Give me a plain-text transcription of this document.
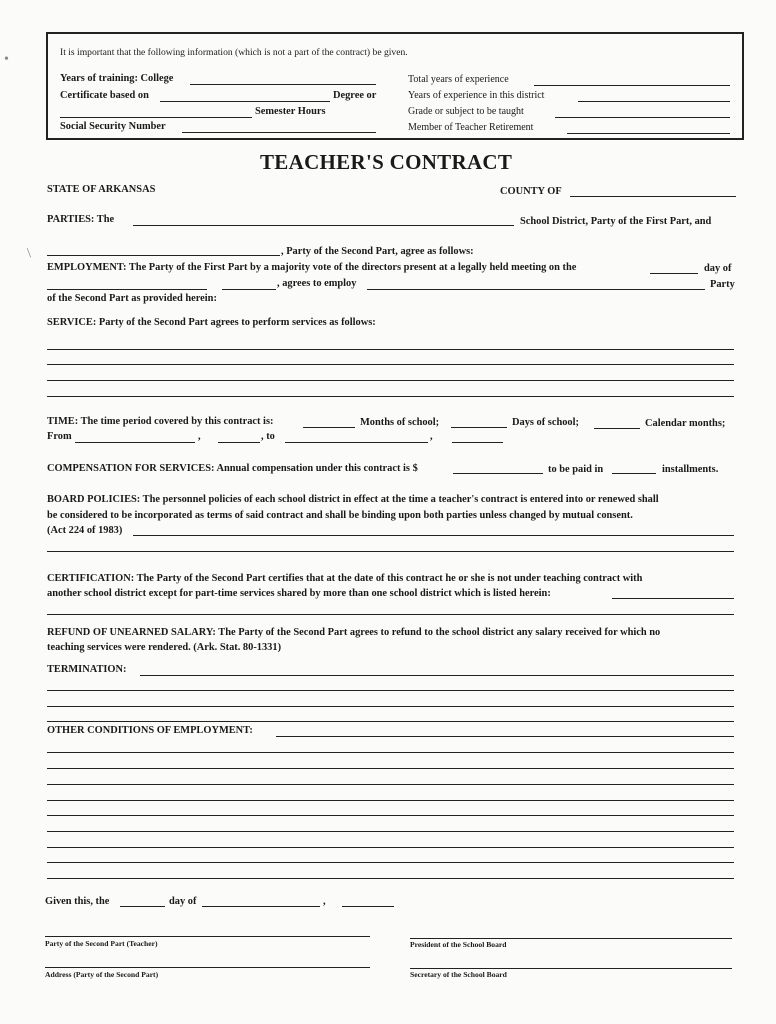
It is important that the following information (which is not a part of the contract) be given.
Years of training: College
Certificate based on	Degree or
Semester Hours
Social Security Number
Total years of experience
Years of experience in this district
Grade or subject to be taught
Member of Teacher Retirement
TEACHER'S CONTRACT
STATE OF ARKANSAS	COUNTY OF
PARTIES: The	School District, Party of the First Part, and
, Party of the Second Part, agree as follows:
EMPLOYMENT: The Party of the First Part by a majority vote of the directors present at a legally held meeting on the	day of
, agrees to employ	Party
of the Second Part as provided herein:
SERVICE: Party of the Second Part agrees to perform services as follows:
TIME: The time period covered by this contract is:	Months of school;	Days of school;	Calendar months;
From	,	, to	,
COMPENSATION FOR SERVICES: Annual compensation under this contract is $	to be paid in	installments.
BOARD POLICIES: The personnel policies of each school district in effect at the time a teacher's contract is entered into or renewed shall
be considered to be incorporated as terms of said contract and shall be binding upon both parties unless changed by mutual consent.
(Act 224 of 1983)
CERTIFICATION: The Party of the Second Part certifies that at the date of this contract he or she is not under teaching contract with
another school district except for part-time services shared by more than one school district which is listed herein:
REFUND OF UNEARNED SALARY: The Party of the Second Part agrees to refund to the school district any salary received for which no
teaching services were rendered. (Ark. Stat. 80-1331)
TERMINATION:
OTHER CONDITIONS OF EMPLOYMENT:
Given this, the	day of	,
Party of the Second Part (Teacher)	President of the School Board
Address (Party of the Second Part)	Secretary of the School Board
•
/
